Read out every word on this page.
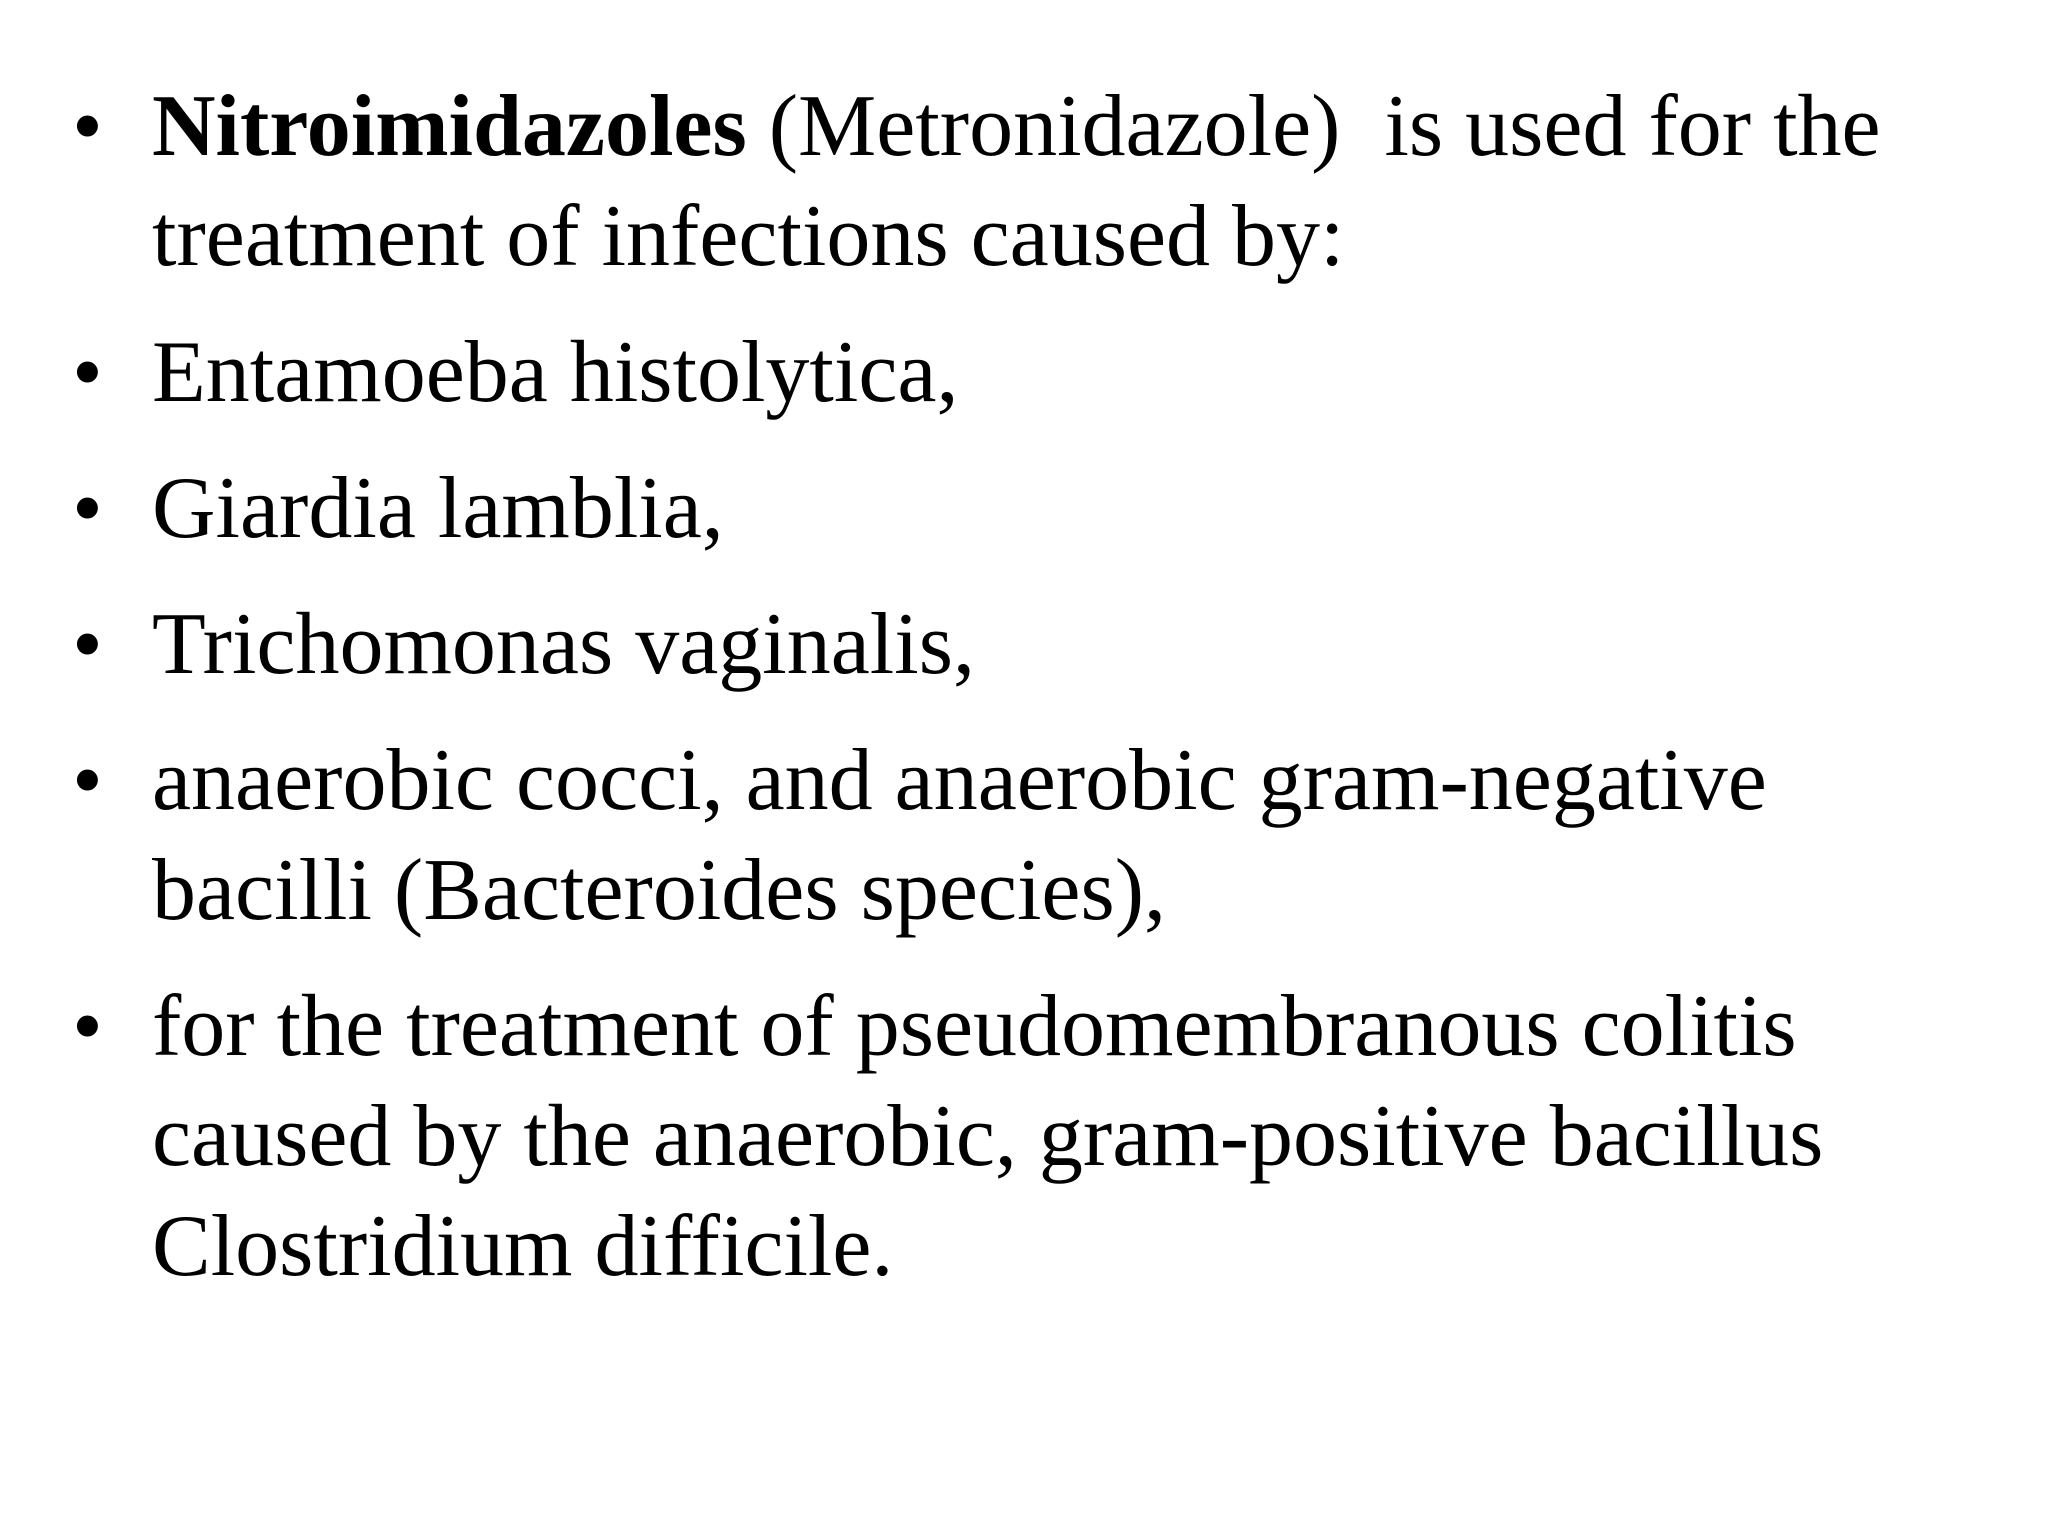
• Nitroimidazoles (Metronidazole)  is used for the treatment of infections caused by:
• Entamoeba histolytica,
• Giardia lamblia,
• Trichomonas vaginalis,
• anaerobic cocci, and anaerobic gram-negative bacilli (Bacteroides species),
• for the treatment of pseudomembranous colitis caused by the anaerobic, gram-positive bacillus Clostridium difficile.
